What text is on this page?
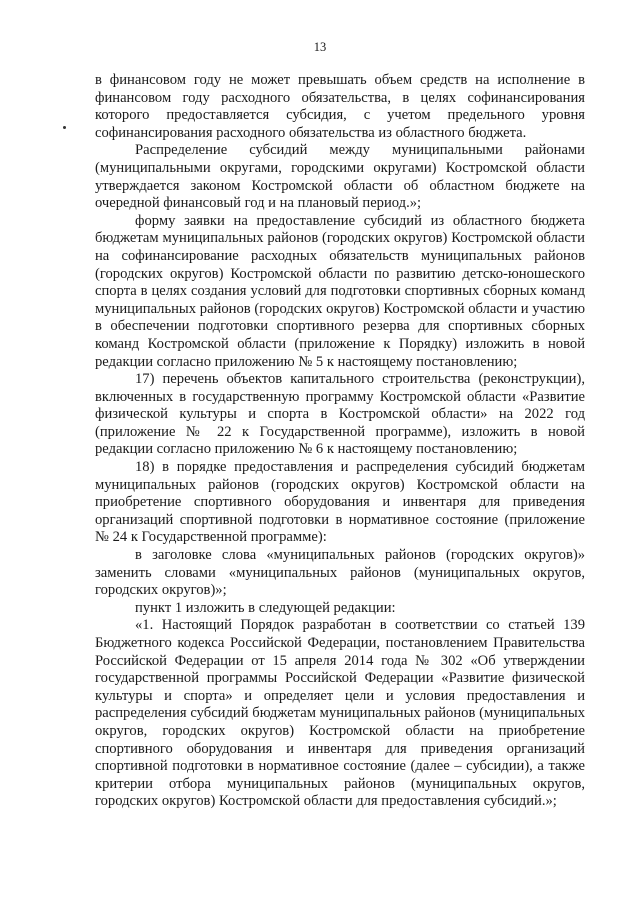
13

в финансовом году не может превышать объем средств на исполнение в финансовом году расходного обязательства, в целях софинансирования которого предоставляется субсидия, с учетом предельного уровня софинансирования расходного обязательства из областного бюджета.

Распределение субсидий между муниципальными районами (муниципальными округами, городскими округами) Костромской области утверждается законом Костромской области об областном бюджете на очередной финансовый год и на плановый период.»;

форму заявки на предоставление субсидий из областного бюджета бюджетам муниципальных районов (городских округов) Костромской области на софинансирование расходных обязательств муниципальных районов (городских округов) Костромской области по развитию детско-юношеского спорта в целях создания условий для подготовки спортивных сборных команд муниципальных районов (городских округов) Костромской области и участию в обеспечении подготовки спортивного резерва для спортивных сборных команд Костромской области (приложение к Порядку) изложить в новой редакции согласно приложению № 5 к настоящему постановлению;

17) перечень объектов капитального строительства (реконструкции), включенных в государственную программу Костромской области «Развитие физической культуры и спорта в Костромской области» на 2022 год (приложение № 22 к Государственной программе), изложить в новой редакции согласно приложению № 6 к настоящему постановлению;

18) в порядке предоставления и распределения субсидий бюджетам муниципальных районов (городских округов) Костромской области на приобретение спортивного оборудования и инвентаря для приведения организаций спортивной подготовки в нормативное состояние (приложение № 24 к Государственной программе):

в заголовке слова «муниципальных районов (городских округов)» заменить словами «муниципальных районов (муниципальных округов, городских округов)»;

пункт 1 изложить в следующей редакции:

«1. Настоящий Порядок разработан в соответствии со статьей 139 Бюджетного кодекса Российской Федерации, постановлением Правительства Российской Федерации от 15 апреля 2014 года № 302 «Об утверждении государственной программы Российской Федерации «Развитие физической культуры и спорта» и определяет цели и условия предоставления и распределения субсидий бюджетам муниципальных районов (муниципальных округов, городских округов) Костромской области на приобретение спортивного оборудования и инвентаря для приведения организаций спортивной подготовки в нормативное состояние (далее – субсидии), а также критерии отбора муниципальных районов (муниципальных округов, городских округов) Костромской области для предоставления субсидий.»;
